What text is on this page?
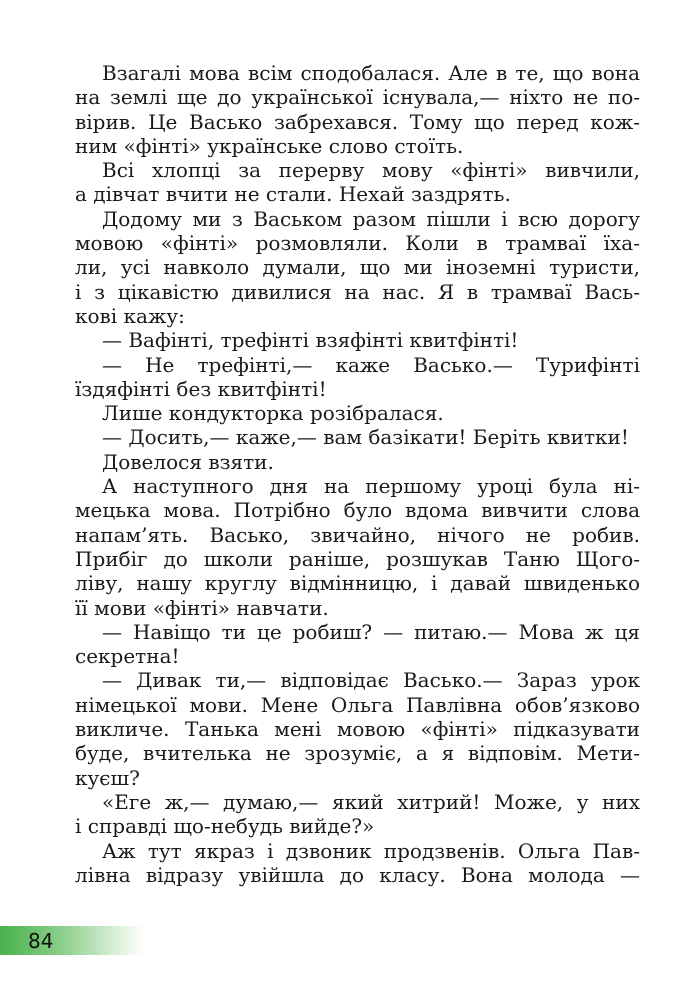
Взагалі мова всім сподобалася. Але в те, що вона
на землі ще до української існувала,— ніхто не по-
вірив. Це Васько забрехався. Тому що перед кож-
ним «фінті» українське слово стоїть.

Всі хлопці за перерву мову «фінті» вивчили,
а дівчат вчити не стали. Нехай заздрять.

Додому ми з Васьком разом пішли і всю дорогу
мовою «фінті» розмовляли. Коли в трамваї їха-
ли, усі навколо думали, що ми іноземні туристи,
і з цікавістю дивилися на нас. Я в трамваї Вась-
кові кажу:

— Вафінті, трефінті взяфінті квитфінті!

— Не трефінті,— каже Васько.— Турифінті
їздяфінті без квитфінті!

Лише кондукторка розібралася.

— Досить,— каже,— вам базікати! Беріть квитки!

Довелося взяти.

А наступного дня на першому уроці була ні-
мецька мова. Потрібно було вдома вивчити слова
напам’ять. Васько, звичайно, нічого не робив.
Прибіг до школи раніше, розшукав Таню Щого-
ліву, нашу круглу відмінницю, і давай швиденько
її мови «фінті» навчати.

— Навіщо ти це робиш? — питаю.— Мова ж ця
секретна!

— Дивак ти,— відповідає Васько.— Зараз урок
німецької мови. Мене Ольга Павлівна обов’язково
викличе. Танька мені мовою «фінті» підказувати
буде, вчителька не зрозуміє, а я відповім. Мети-
куєш?

«Еге ж,— думаю,— який хитрий! Може, у них
і справді що-небудь вийде?»

Аж тут якраз і дзвоник продзвенів. Ольга Пав-
лівна відразу увійшла до класу. Вона молода —

84
